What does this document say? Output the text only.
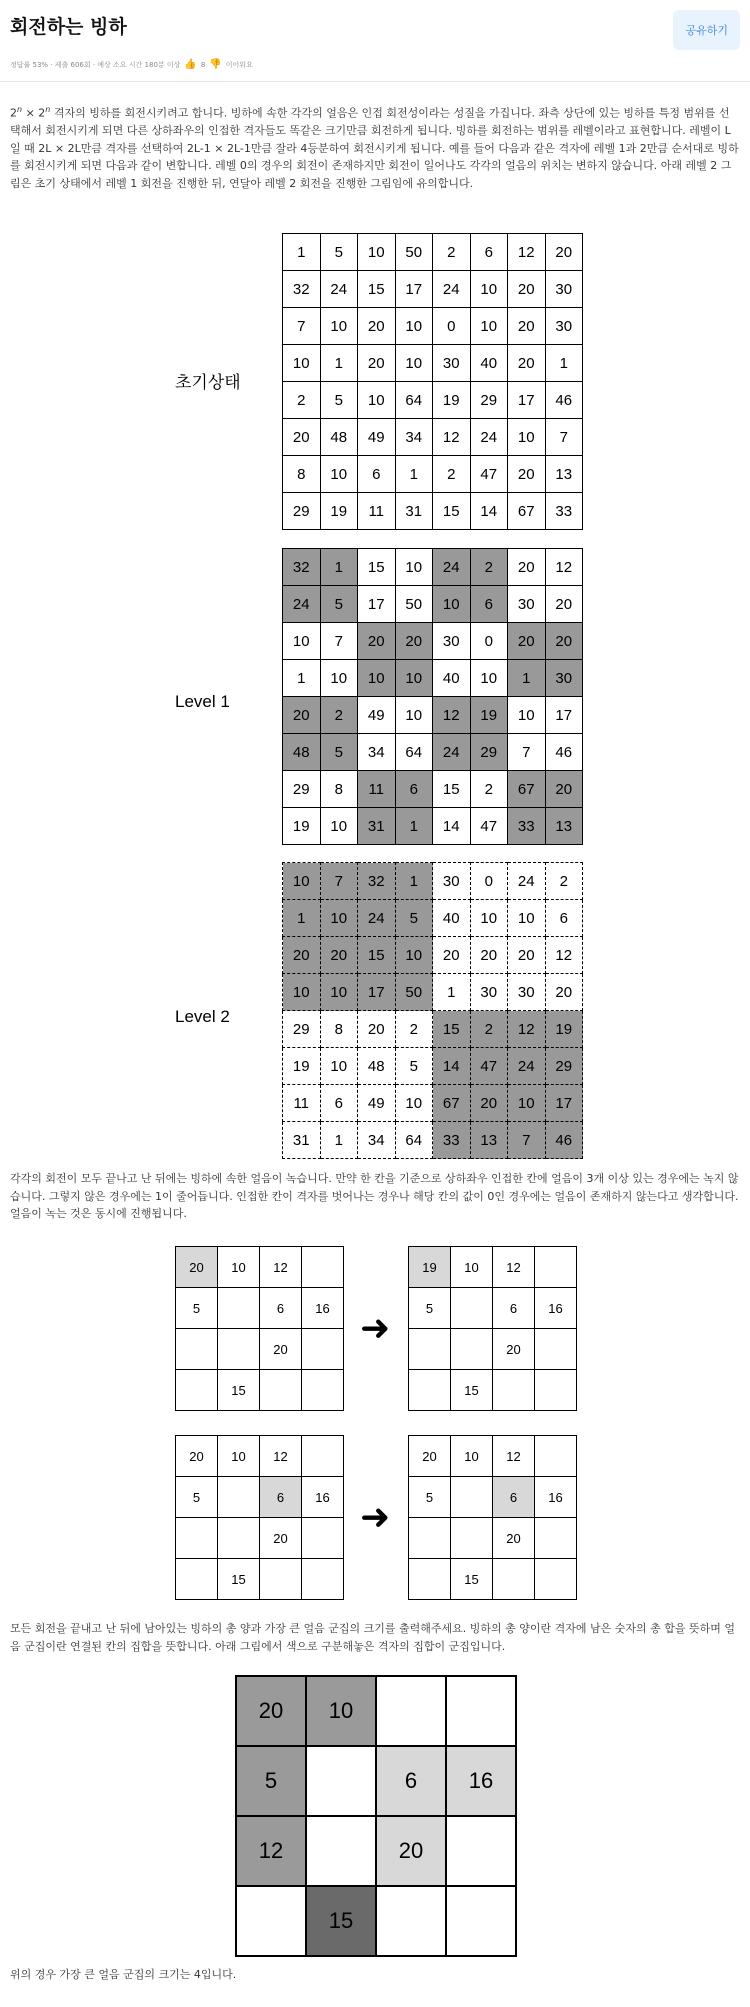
회전하는 빙하	공유하기
정답률 53% · 제출 606회 · 예상 소요 시간 180분 이상 👍 8 👎 이어워요
$2^n \times 2^n$ 격자의 빙하를 회전시키려고 합니다. 빙하에 속한 각각의 얼음은 인접 회전성이라는 성질을 가집니다. 좌측 상단에 있는 빙하를 특정 범위를 선택해서 회전시키게 되면 다른 상하좌우의 인접한 격자들도 똑같은 크기만큼 회전하게 됩니다. 빙하를 회전하는 범위를 레벨이라고 표현합니다. 레벨이 L일 때 2L × 2L만큼 격자를 선택하여 2L-1 × 2L-1만큼 잘라 4등분하여 회전시키게 됩니다. 예를 들어 다음과 같은 격자에 레벨 1과 2만큼 순서대로 빙하를 회전시키게 되면 다음과 같이 변합니다. 레벨 0의 경우의 회전이 존재하지만 회전이 일어나도 각각의 얼음의 위치는 변하지 않습니다. 아래 레벨 2 그림은 초기 상태에서 레벨 1 회전을 진행한 뒤, 연달아 레벨 2 회전을 진행한 그림임에 유의합니다.
초기상태
1	5	10	50	2	6	12	20
32	24	15	17	24	10	20	30
7	10	20	10	0	10	20	30
10	1	20	10	30	40	20	1
2	5	10	64	19	29	17	46
20	48	49	34	12	24	10	7
8	10	6	1	2	47	20	13
29	19	11	31	15	14	67	33
Level 1
32	1	15	10	24	2	20	12
24	5	17	50	10	6	30	20
10	7	20	20	30	0	20	20
1	10	10	10	40	10	1	30
20	2	49	10	12	19	10	17
48	5	34	64	24	29	7	46
29	8	11	6	15	2	67	20
19	10	31	1	14	47	33	13
Level 2
10	7	32	1	30	0	24	2
1	10	24	5	40	10	10	6
20	20	15	10	20	20	20	12
10	10	17	50	1	30	30	20
29	8	20	2	15	2	12	19
19	10	48	5	14	47	24	29
11	6	49	10	67	20	10	17
31	1	34	64	33	13	7	46
각각의 회전이 모두 끝나고 난 뒤에는 빙하에 속한 얼음이 녹습니다. 만약 한 칸을 기준으로 상하좌우 인접한 칸에 얼음이 3개 이상 있는 경우에는 녹지 않습니다. 그렇지 않은 경우에는 1이 줄어듭니다. 인접한 칸이 격자를 벗어나는 경우나 해당 칸의 값이 0인 경우에는 얼음이 존재하지 않는다고 생각합니다. 얼음이 녹는 것은 동시에 진행됩니다.
20	10	12	
5		6	16
		20	
	15		
➜
19	10	12	
5		6	16
		20	
	15		
20	10	12	
5		6	16
		20	
	15		
➜
20	10	12	
5		6	16
		20	
	15		
모든 회전을 끝내고 난 뒤에 남아있는 빙하의 총 양과 가장 큰 얼음 군집의 크기를 출력해주세요. 빙하의 총 양이란 격자에 남은 숫자의 총 합을 뜻하며 얼음 군집이란 연결된 칸의 집합을 뜻합니다. 아래 그림에서 색으로 구분해놓은 격자의 집합이 군집입니다.
20	10		
5		6	16
12		20	
	15		
위의 경우 가장 큰 얼음 군집의 크기는 4입니다.
